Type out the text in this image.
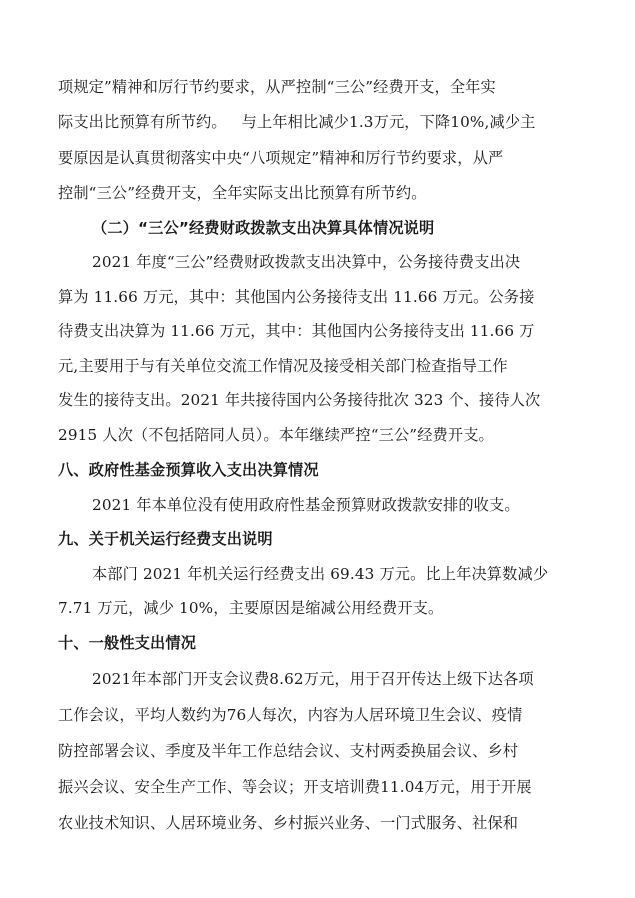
项规定”精神和厉行节约要求，从严控制“三公”经费开支，全年实
际支出比预算有所节约。   与上年相比减少1.3万元，下降10%,减少主
要原因是认真贯彻落实中央“八项规定”精神和厉行节约要求，从严
控制“三公”经费开支，全年实际支出比预算有所节约。
（二）“三公”经费财政拨款支出决算具体情况说明
2021 年度“三公”经费财政拨款支出决算中，公务接待费支出决
算为 11.66 万元，其中：其他国内公务接待支出 11.66 万元。公务接
待费支出决算为 11.66 万元，其中：其他国内公务接待支出 11.66 万
元,主要用于与有关单位交流工作情况及接受相关部门检查指导工作
发生的接待支出。2021 年共接待国内公务接待批次 323 个、接待人次
2915 人次（不包括陪同人员）。本年继续严控“三公”经费开支。
八、政府性基金预算收入支出决算情况
2021 年本单位没有使用政府性基金预算财政拨款安排的收支。
九、关于机关运行经费支出说明
本部门 2021 年机关运行经费支出 69.43 万元。比上年决算数减少
7.71 万元，减少 10%，主要原因是缩减公用经费开支。
十、一般性支出情况
2021年本部门开支会议费8.62万元，用于召开传达上级下达各项
工作会议，平均人数约为76人每次，内容为人居环境卫生会议、疫情
防控部署会议、季度及半年工作总结会议、支村两委换届会议、乡村
振兴会议、安全生产工作、等会议；开支培训费11.04万元，用于开展
农业技术知识、人居环境业务、乡村振兴业务、一门式服务、社保和
